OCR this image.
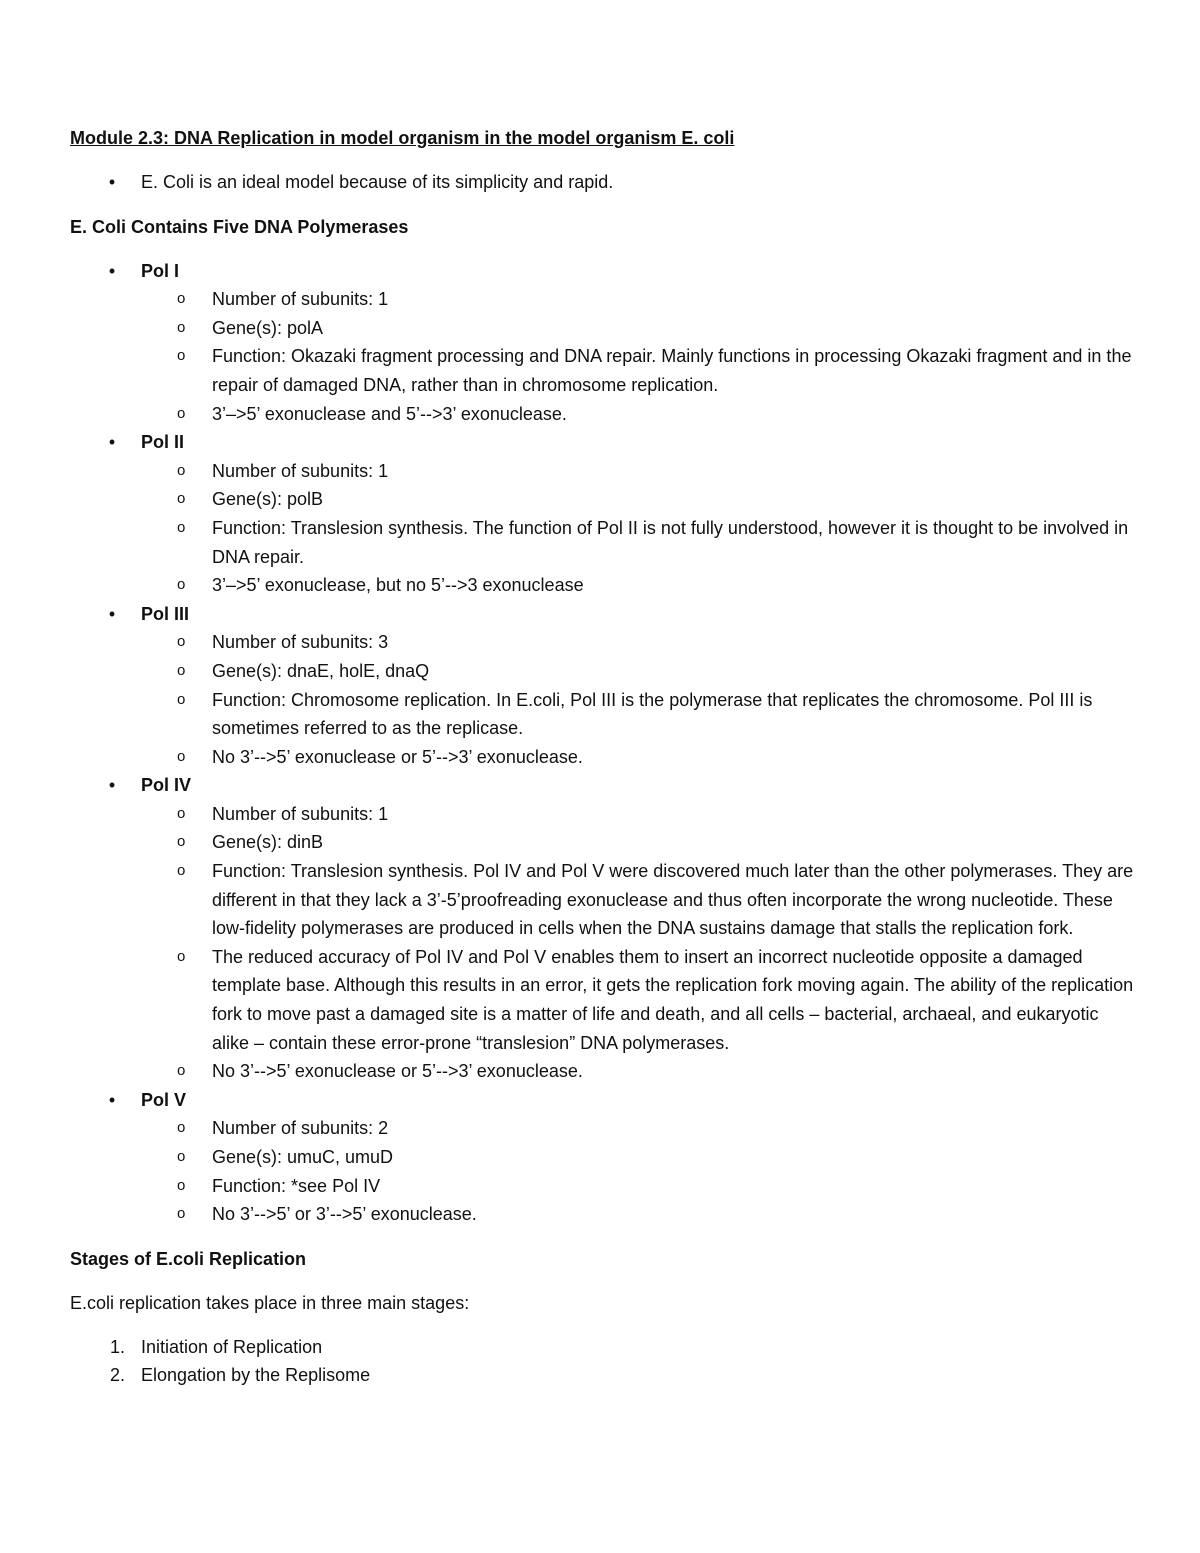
Module 2.3: DNA Replication in model organism in the model organism E. coli
• E. Coli is an ideal model because of its simplicity and rapid.
E. Coli Contains Five DNA Polymerases
• Pol I
o Number of subunits: 1
o Gene(s): polA
o Function: Okazaki fragment processing and DNA repair. Mainly functions in processing Okazaki fragment and in the repair of damaged DNA, rather than in chromosome replication.
o 3’–>5’ exonuclease and 5’-->3’ exonuclease.
• Pol II
o Number of subunits: 1
o Gene(s): polB
o Function: Translesion synthesis. The function of Pol II is not fully understood, however it is thought to be involved in DNA repair.
o 3’–>5’ exonuclease, but no 5’-->3 exonuclease
• Pol III
o Number of subunits: 3
o Gene(s): dnaE, holE, dnaQ
o Function: Chromosome replication. In E.coli, Pol III is the polymerase that replicates the chromosome. Pol III is sometimes referred to as the replicase.
o No 3’-->5’ exonuclease or 5’-->3’ exonuclease.
• Pol IV
o Number of subunits: 1
o Gene(s): dinB
o Function: Translesion synthesis. Pol IV and Pol V were discovered much later than the other polymerases. They are different in that they lack a 3’-5’proofreading exonuclease and thus often incorporate the wrong nucleotide. These low-fidelity polymerases are produced in cells when the DNA sustains damage that stalls the replication fork.
o The reduced accuracy of Pol IV and Pol V enables them to insert an incorrect nucleotide opposite a damaged template base. Although this results in an error, it gets the replication fork moving again. The ability of the replication fork to move past a damaged site is a matter of life and death, and all cells – bacterial, archaeal, and eukaryotic alike – contain these error-prone “translesion” DNA polymerases.
o No 3’-->5’ exonuclease or 5’-->3’ exonuclease.
• Pol V
o Number of subunits: 2
o Gene(s): umuC, umuD
o Function: *see Pol IV
o No 3’-->5’ or 3’-->5’ exonuclease.
Stages of E.coli Replication
E.coli replication takes place in three main stages:
1. Initiation of Replication
2. Elongation by the Replisome
